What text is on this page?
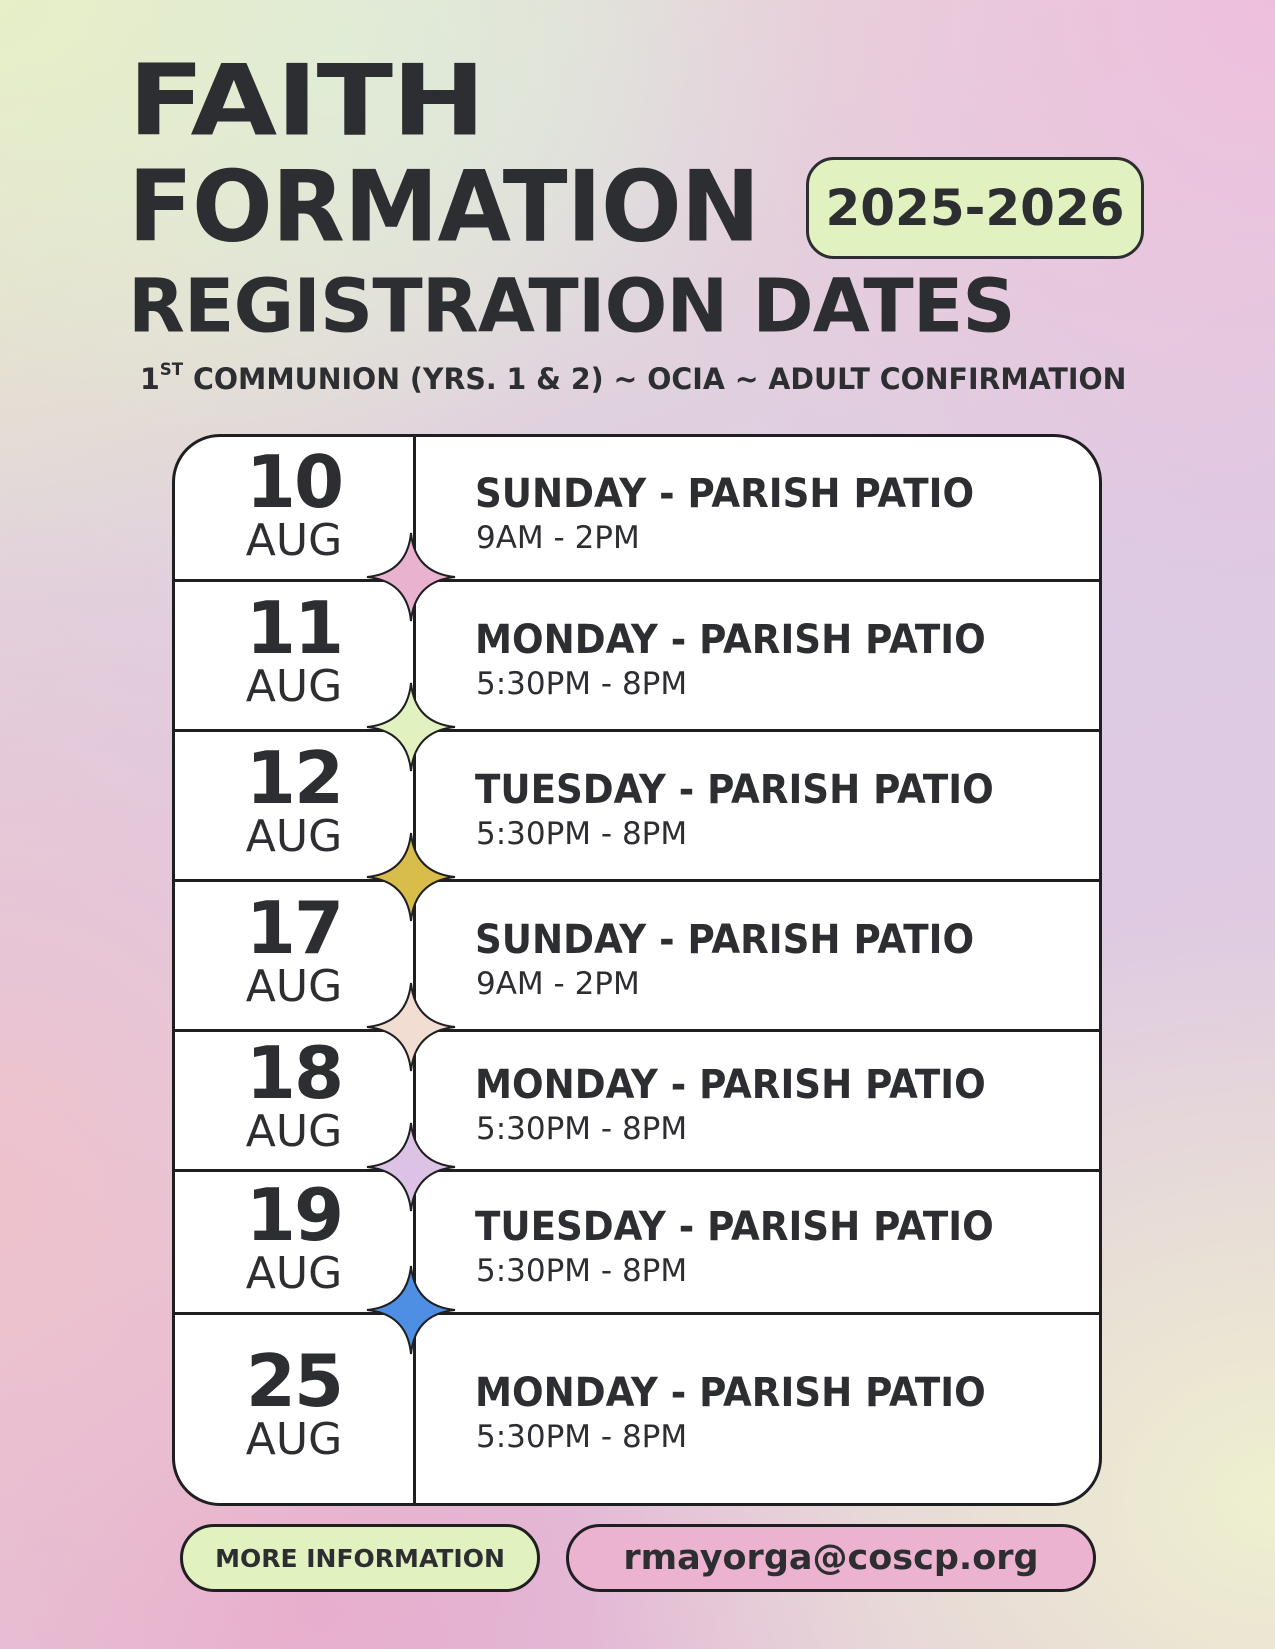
FAITH
FORMATION	2025-2026
REGISTRATION DATES
1ST COMMUNION (YRS. 1 & 2) ~ OCIA ~ ADULT CONFIRMATION
10
AUG
SUNDAY - PARISH PATIO
9AM - 2PM
11
AUG
MONDAY - PARISH PATIO
5:30PM - 8PM
12
AUG
TUESDAY - PARISH PATIO
5:30PM - 8PM
17
AUG
SUNDAY - PARISH PATIO
9AM - 2PM
18
AUG
MONDAY - PARISH PATIO
5:30PM - 8PM
19
AUG
TUESDAY - PARISH PATIO
5:30PM - 8PM
25
AUG
MONDAY - PARISH PATIO
5:30PM - 8PM
MORE INFORMATION	rmayorga@coscp.org
